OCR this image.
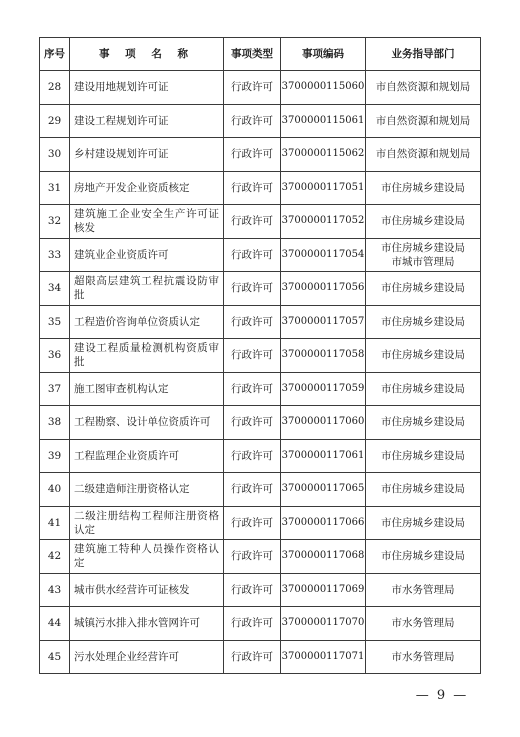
序号	事 项 名 称	事项类型	事项编码	业务指导部门
28	建设用地规划许可证	行政许可	3700000115060	市自然资源和规划局

29	建设工程规划许可证	行政许可	3700000115061	市自然资源和规划局

30	乡村建设规划许可证	行政许可	3700000115062	市自然资源和规划局

31	房地产开发企业资质核定	行政许可	3700000117051	市住房城乡建设局

32	建筑施工企业安全生产许可证核发	行政许可	3700000117052	市住房城乡建设局

33	建筑业企业资质许可	行政许可	3700000117054	市住房城乡建设局
市城市管理局

34	超限高层建筑工程抗震设防审批	行政许可	3700000117056	市住房城乡建设局

35	工程造价咨询单位资质认定	行政许可	3700000117057	市住房城乡建设局

36	建设工程质量检测机构资质审批	行政许可	3700000117058	市住房城乡建设局

37	施工图审查机构认定	行政许可	3700000117059	市住房城乡建设局

38	工程勘察、设计单位资质许可	行政许可	3700000117060	市住房城乡建设局

39	工程监理企业资质许可	行政许可	3700000117061	市住房城乡建设局

40	二级建造师注册资格认定	行政许可	3700000117065	市住房城乡建设局

41	二级注册结构工程师注册资格认定	行政许可	3700000117066	市住房城乡建设局

42	建筑施工特种人员操作资格认定	行政许可	3700000117068	市住房城乡建设局

43	城市供水经营许可证核发	行政许可	3700000117069	市水务管理局

44	城镇污水排入排水管网许可	行政许可	3700000117070	市水务管理局

45	污水处理企业经营许可	行政许可	3700000117071	市水务管理局
— 9 —
